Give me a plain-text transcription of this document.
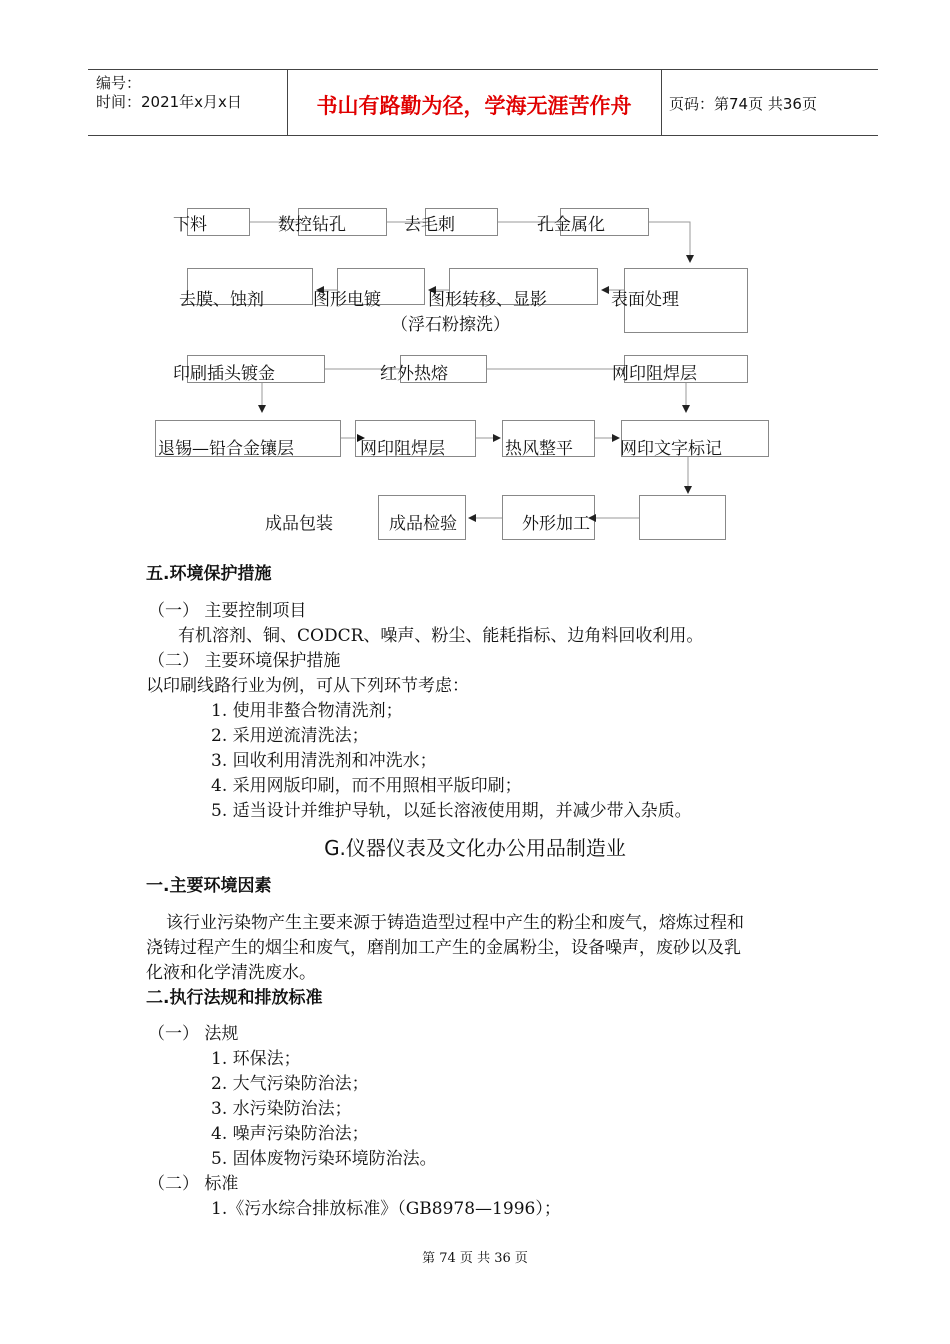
编号：
时间：2021年x月x日	书山有路勤为径，学海无涯苦作舟	页码：第74页 共36页
下料	数控钻孔	去毛刺	孔金属化
表面处理
图形转移、显影
图形电镀
去膜、蚀剂
（浮石粉擦洗）
印刷插头镀金	红外热熔	网印阻焊层
退锡—铅合金镶层	网印阻焊层	热风整平	网印文字标记
外形加工
成品检验
成品包装
五.环境保护措施
（一） 主要控制项目
有机溶剂、铜、CODCR、噪声、粉尘、能耗指标、边角料回收利用。
（二） 主要环境保护措施
以印刷线路行业为例，可从下列环节考虑：
1. 使用非螯合物清洗剂；
2. 采用逆流清洗法；
3. 回收利用清洗剂和冲洗水；
4. 采用网版印刷，而不用照相平版印刷；
5. 适当设计并维护导轨，以延长溶液使用期，并减少带入杂质。
G.仪器仪表及文化办公用品制造业
一.主要环境因素
该行业污染物产生主要来源于铸造造型过程中产生的粉尘和废气，熔炼过程和
浇铸过程产生的烟尘和废气，磨削加工产生的金属粉尘，设备噪声，废砂以及乳
化液和化学清洗废水。
二.执行法规和排放标准
（一） 法规
1. 环保法；
2. 大气污染防治法；
3. 水污染防治法；
4. 噪声污染防治法；
5. 固体废物污染环境防治法。
（二） 标准
1.《污水综合排放标准》（GB8978—1996）；
第 74 页 共 36 页
